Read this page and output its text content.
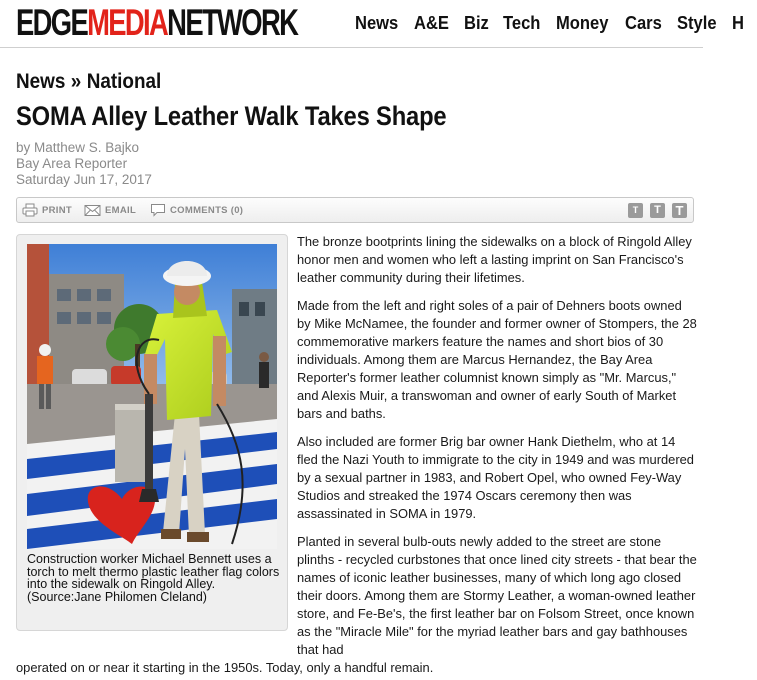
EDGEMEDIANETWORK	News A&E Biz Tech Money Cars Style H
News » National
SOMA Alley Leather Walk Takes Shape
by Matthew S. Bajko
Bay Area Reporter
Saturday Jun 17, 2017
PRINT	EMAIL	COMMENTS (0)	T	T	T
Construction worker Michael Bennett uses a torch to melt thermo plastic leather flag colors into the sidewalk on Ringold Alley. (Source:Jane Philomen Cleland)

The bronze bootprints lining the sidewalks on a block of Ringold Alley honor men and women who left a lasting imprint on San Francisco's leather community during their lifetimes.

Made from the left and right soles of a pair of Dehners boots owned by Mike McNamee, the founder and former owner of Stompers, the 28 commemorative markers feature the names and short bios of 30 individuals. Among them are Marcus Hernandez, the Bay Area Reporter's former leather columnist known simply as "Mr. Marcus," and Alexis Muir, a transwoman and owner of early South of Market bars and baths.

Also included are former Brig bar owner Hank Diethelm, who at 14 fled the Nazi Youth to immigrate to the city in 1949 and was murdered by a sexual partner in 1983, and Robert Opel, who owned Fey-Way Studios and streaked the 1974 Oscars ceremony then was assassinated in SOMA in 1979.

Planted in several bulb-outs newly added to the street are stone plinths - recycled curbstones that once lined city streets - that bear the names of iconic leather businesses, many of which long ago closed their doors. Among them are Stormy Leather, a woman-owned leather store, and Fe-Be's, the first leather bar on Folsom Street, once known as the "Miracle Mile" for the myriad leather bars and gay bathhouses that had

operated on or near it starting in the 1950s. Today, only a handful remain.
